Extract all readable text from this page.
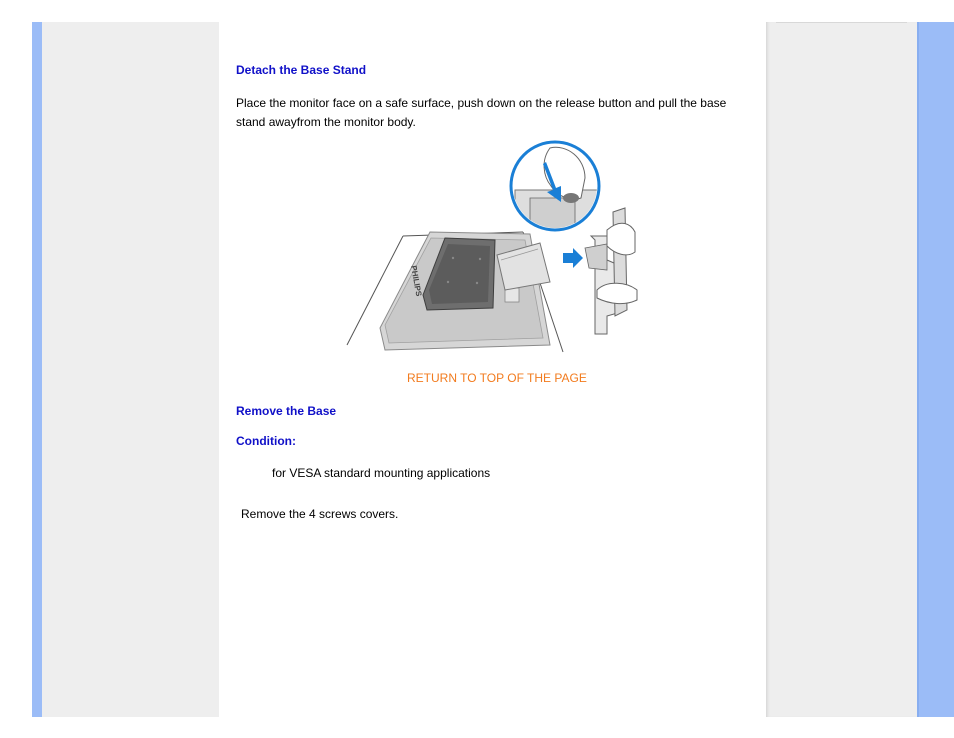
Detach the Base Stand

Place the monitor face on a safe surface, push down on the release button and pull the base stand awayfrom the monitor body.

PHILIPS
RETURN TO TOP OF THE PAGE
Remove the Base
Condition:

for VESA standard mounting applications

Remove the 4 screws covers.
